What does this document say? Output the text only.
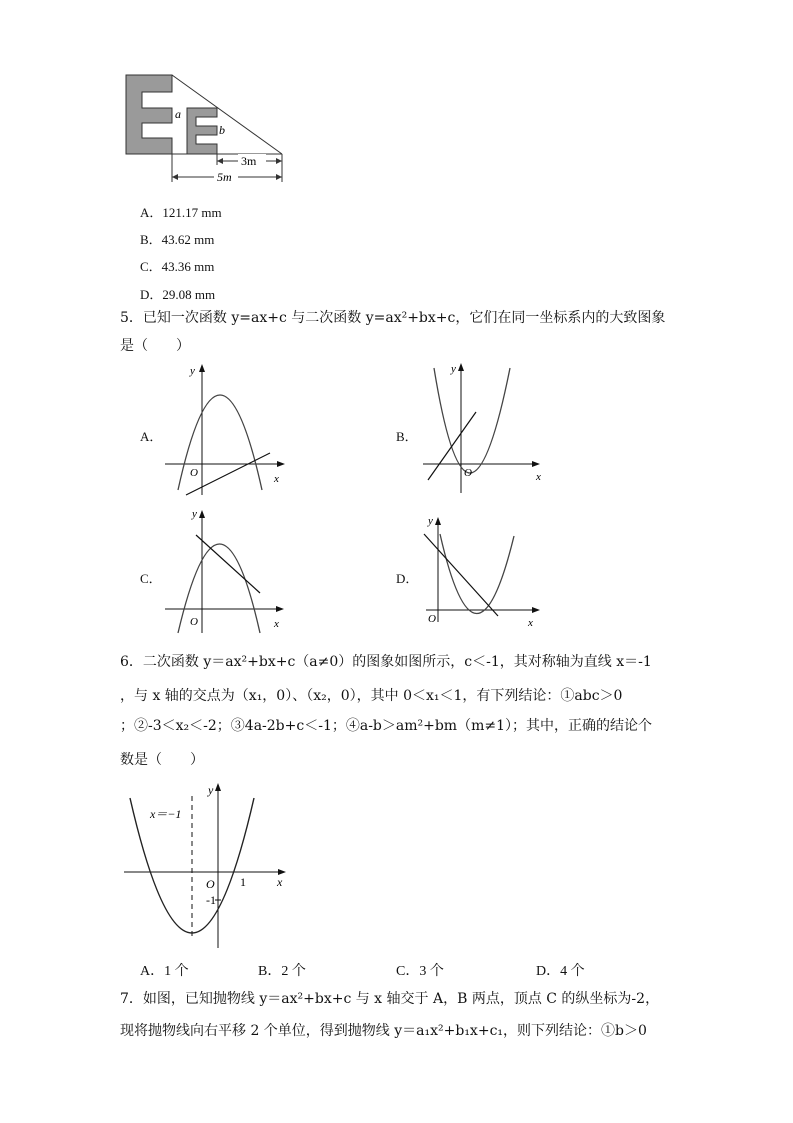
3m
5m
a
b
A．121.17 mm
B．43.62 mm
C．43.36 mm
D．29.08 mm
5．已知一次函数 y=ax+c 与二次函数 y=ax²+bx+c，它们在同一坐标系内的大致图象
是（　　）
A．
O	x
y
B．
O	x
y
C．
O	x
y
D．
O	x
y
6．二次函数 y＝ax²+bx+c（a≠0）的图象如图所示，c＜-1，其对称轴为直线 x＝-1
，与 x 轴的交点为（x₁，0）、（x₂，0），其中 0＜x₁＜1，有下列结论：①abc＞0
；②-3＜x₂＜-2；③4a-2b+c＜-1；④a-b＞am²+bm（m≠1）；其中，正确的结论个
数是（　　）
x＝−1
O 1
-1
x
y
A．1 个	B．2 个	C．3 个	D．4 个
7．如图，已知抛物线 y＝ax²+bx+c 与 x 轴交于 A，B 两点，顶点 C 的纵坐标为-2，
现将抛物线向右平移 2 个单位，得到抛物线 y＝a₁x²+b₁x+c₁，则下列结论：①b＞0
